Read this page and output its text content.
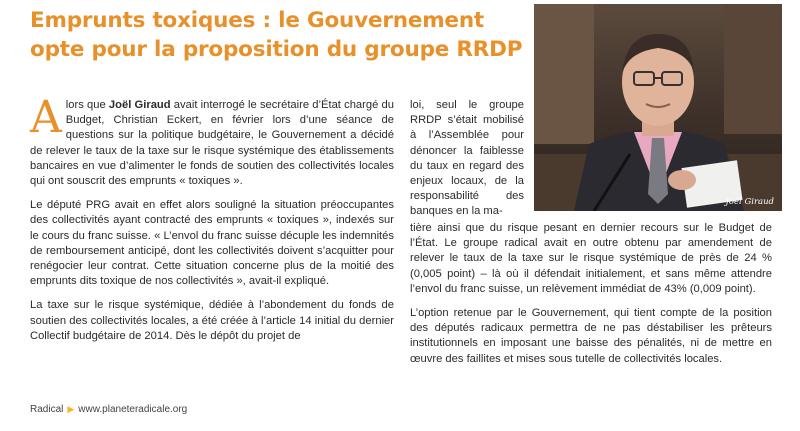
Emprunts toxiques : le Gouvernement
opte pour la proposition du groupe RRDP
Joël Giraud

Alors que Joël Giraud avait interrogé le secrétaire d’État chargé du Budget, Christian Eckert, en février lors d’une séance de questions sur la politique budgétaire, le Gouvernement a décidé de relever le taux de la taxe sur le risque systémique des établissements bancaires en vue d’alimenter le fonds de soutien des collectivités locales qui ont souscrit des emprunts « toxiques ».

Le député PRG avait en effet alors souligné la situation préoccupantes des collectivités ayant contracté des emprunts « toxiques », indexés sur le cours du franc suisse. « L’envol du franc suisse décuple les indemnités de remboursement anticipé, dont les collectivités doivent s’acquitter pour renégocier leur contrat. Cette situation concerne plus de la moitié des emprunts dits toxique de nos collectivités », avait-il expliqué.

La taxe sur le risque systémique, dédiée à l’abondement du fonds de soutien des collectivités locales, a été créée à l’article 14 initial du dernier Collectif budgétaire de 2014. Dès le dépôt du projet de

loi, seul le groupe RRDP s’était mobilisé à l’Assemblée pour dénoncer la faiblesse du taux en regard des enjeux locaux, de la responsabilité des banques en la ma-

tière ainsi que du risque pesant en dernier recours sur le Budget de l’État. Le groupe radical avait en outre obtenu par amendement de relever le taux de la taxe sur le risque systémique de près de 24 % (0,005 point) – là où il défendait initialement, et sans même attendre l’envol du franc suisse, un relèvement immédiat de 43% (0,009 point).

L’option retenue par le Gouvernement, qui tient compte de la position des députés radicaux permettra de ne pas déstabiliser les prêteurs institutionnels en imposant une baisse des pénalités, ni de mettre en œuvre des faillites et mises sous tutelle de collectivités locales.

Radical ▶ www.planeteradicale.org
